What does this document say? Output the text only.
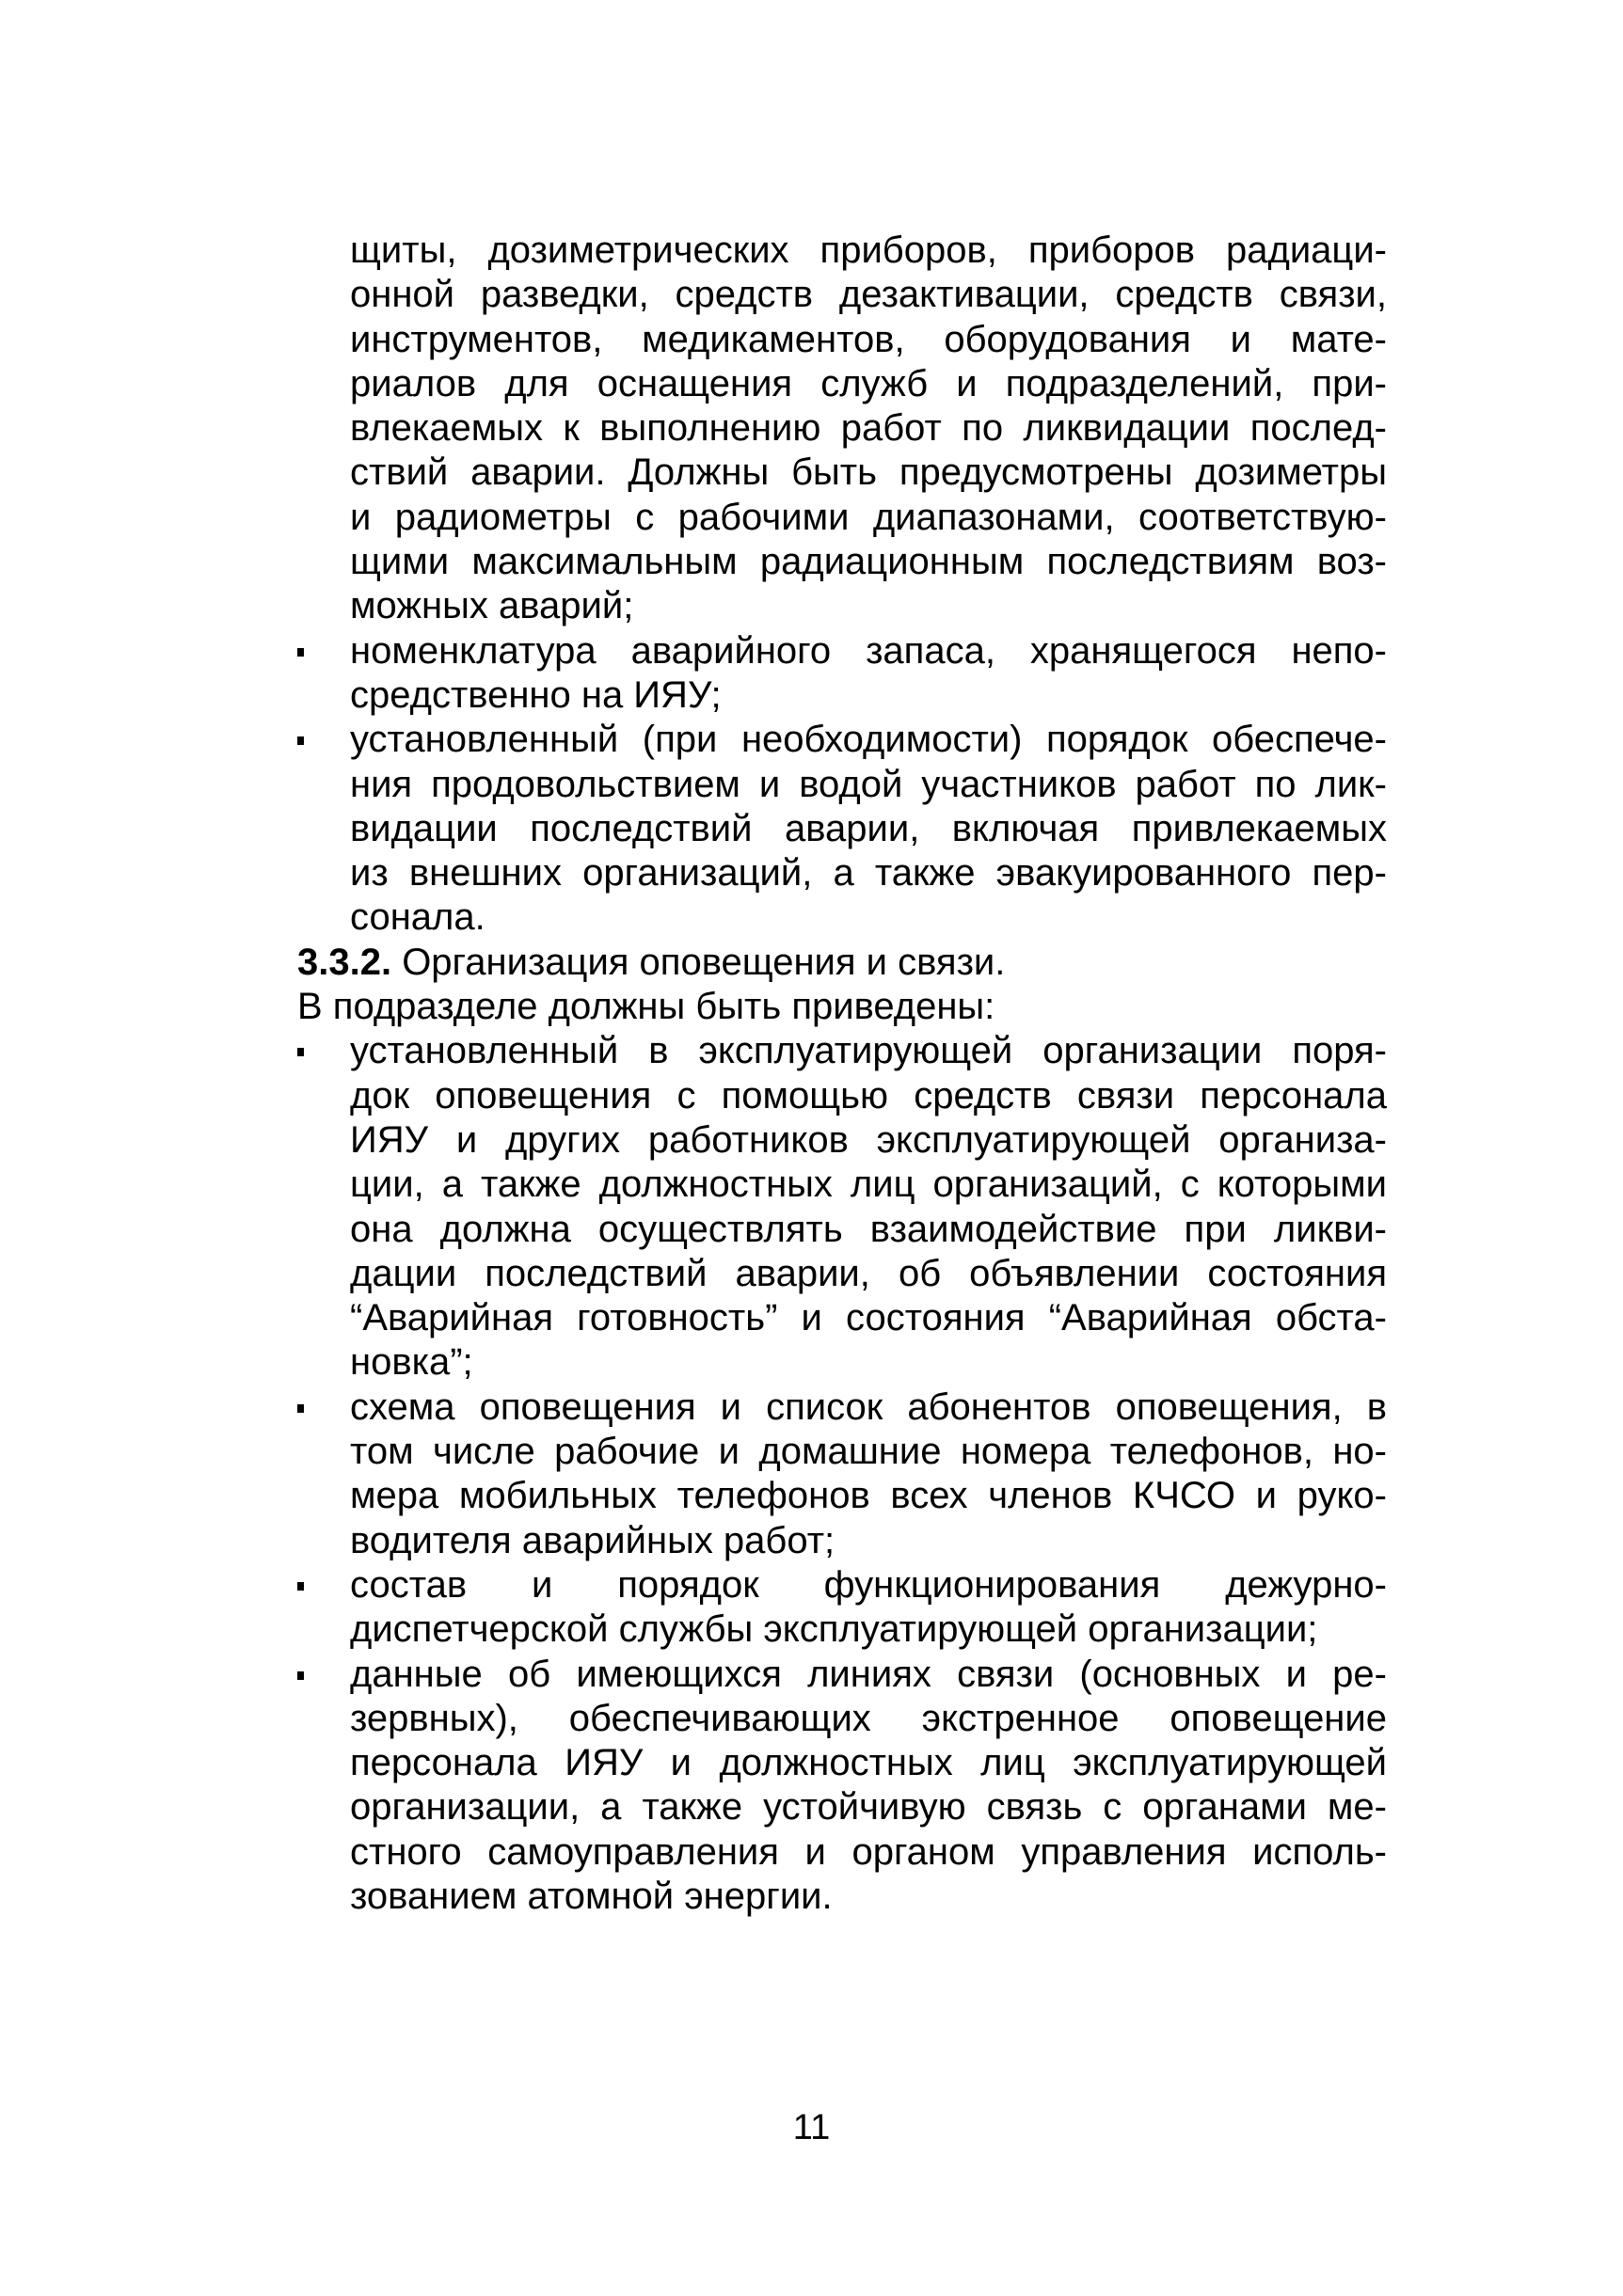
щиты, дозиметрических приборов, приборов радиаци-
онной разведки, средств дезактивации, средств связи,
инструментов, медикаментов, оборудования и мате-
риалов для оснащения служб и подразделений, при-
влекаемых к выполнению работ по ликвидации послед-
ствий аварии. Должны быть предусмотрены дозиметры
и радиометры с рабочими диапазонами, соответствую-
щими максимальным радиационным последствиям воз-
можных аварий;
номенклатура аварийного запаса, хранящегося непо-
средственно на ИЯУ;
установленный (при необходимости) порядок обеспече-
ния продовольствием и водой участников работ по лик-
видации последствий аварии, включая привлекаемых
из внешних организаций, а также эвакуированного пер-
сонала.
3.3.2. Организация оповещения и связи.
В подразделе должны быть приведены:
установленный в эксплуатирующей организации поря-
док оповещения с помощью средств связи персонала
ИЯУ и других работников эксплуатирующей организа-
ции, а также должностных лиц организаций, с которыми
она должна осуществлять взаимодействие при ликви-
дации последствий аварии, об объявлении состояния
“Аварийная готовность” и состояния “Аварийная обста-
новка”;
схема оповещения и список абонентов оповещения, в
том числе рабочие и домашние номера телефонов, но-
мера мобильных телефонов всех членов КЧСО и руко-
водителя аварийных работ;
состав и порядок функционирования дежурно-
диспетчерской службы эксплуатирующей организации;
данные об имеющихся линиях связи (основных и ре-
зервных), обеспечивающих экстренное оповещение
персонала ИЯУ и должностных лиц эксплуатирующей
организации, а также устойчивую связь с органами ме-
стного самоуправления и органом управления исполь-
зованием атомной энергии.
11
